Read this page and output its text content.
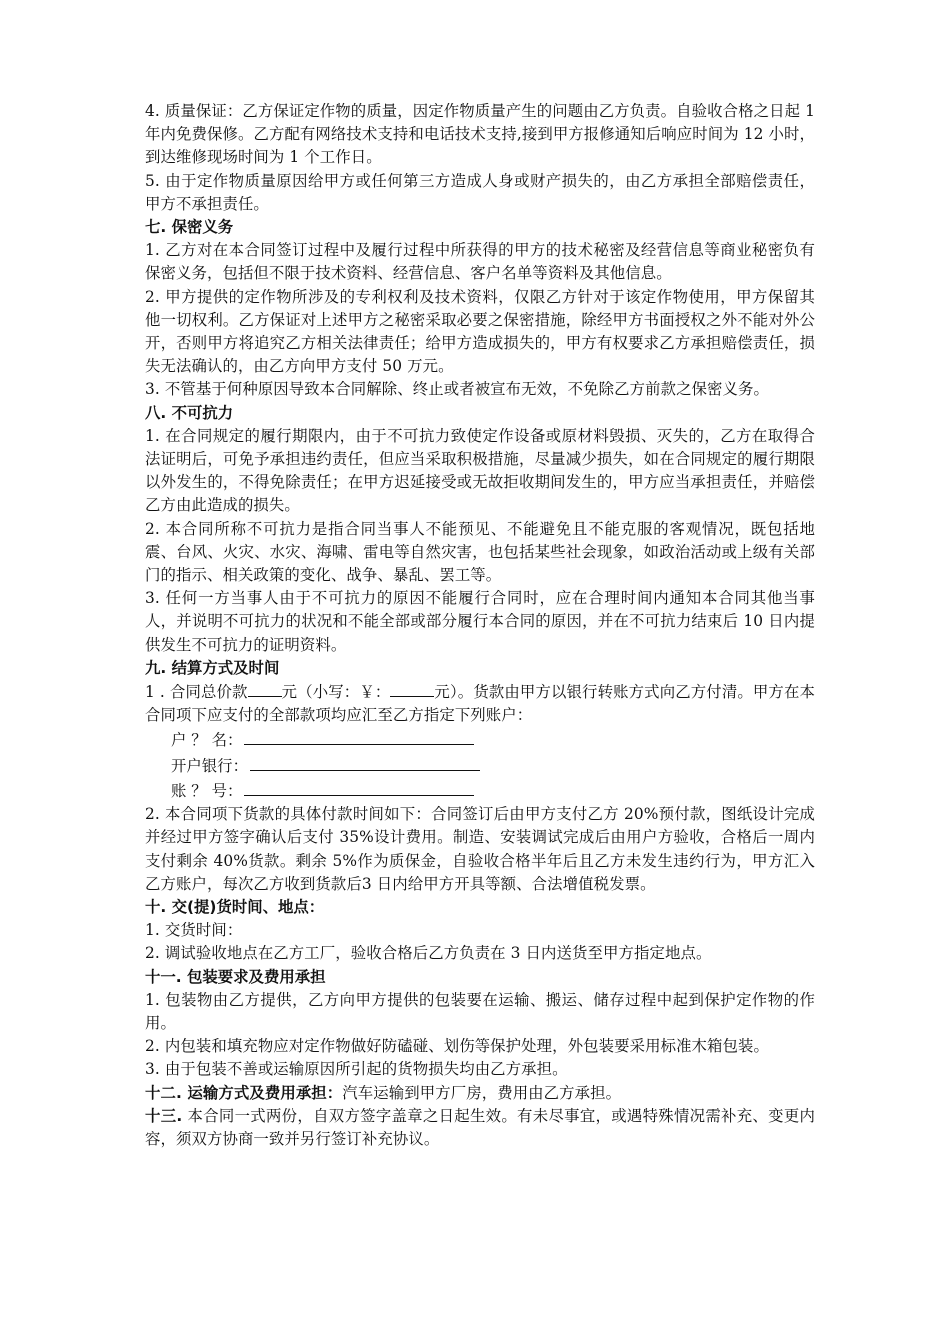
4. 质量保证：乙方保证定作物的质量，因定作物质量产生的问题由乙方负责。自验收合格之日起 1 年内免费保修。乙方配有网络技术支持和电话技术支持,接到甲方报修通知后响应时间为 12 小时，到达维修现场时间为 1 个工作日。

5. 由于定作物质量原因给甲方或任何第三方造成人身或财产损失的，由乙方承担全部赔偿责任，甲方不承担责任。

七. 保密义务

1. 乙方对在本合同签订过程中及履行过程中所获得的甲方的技术秘密及经营信息等商业秘密负有保密义务，包括但不限于技术资料、经营信息、客户名单等资料及其他信息。

2. 甲方提供的定作物所涉及的专利权利及技术资料，仅限乙方针对于该定作物使用，甲方保留其他一切权利。乙方保证对上述甲方之秘密采取必要之保密措施，除经甲方书面授权之外不能对外公开，否则甲方将追究乙方相关法律责任；给甲方造成损失的，甲方有权要求乙方承担赔偿责任，损失无法确认的，由乙方向甲方支付 50 万元。

3. 不管基于何种原因导致本合同解除、终止或者被宣布无效，不免除乙方前款之保密义务。

八. 不可抗力

1. 在合同规定的履行期限内，由于不可抗力致使定作设备或原材料毁损、灭失的，乙方在取得合法证明后，可免予承担违约责任，但应当采取积极措施，尽量减少损失，如在合同规定的履行期限以外发生的，不得免除责任；在甲方迟延接受或无故拒收期间发生的，甲方应当承担责任，并赔偿乙方由此造成的损失。

2. 本合同所称不可抗力是指合同当事人不能预见、不能避免且不能克服的客观情况，既包括地震、台风、火灾、水灾、海啸、雷电等自然灾害，也包括某些社会现象，如政治活动或上级有关部门的指示、相关政策的变化、战争、暴乱、罢工等。

3. 任何一方当事人由于不可抗力的原因不能履行合同时，应在合理时间内通知本合同其他当事人，并说明不可抗力的状况和不能全部或部分履行本合同的原因，并在不可抗力结束后 10 日内提供发生不可抗力的证明资料。

九. 结算方式及时间

1 . 合同总价款 元（小写：￥：	元）。货款由甲方以银行转账方式向乙方付清。甲方在本合同项下应支付的全部款项均应汇至乙方指定下列账户：

户 ？ 名：
开户银行：
账 ？ 号：

2. 本合同项下货款的具体付款时间如下：合同签订后由甲方支付乙方 20%预付款，图纸设计完成并经过甲方签字确认后支付 35%设计费用。制造、安装调试完成后由用户方验收，合格后一周内支付剩余 40%货款。剩余 5%作为质保金，自验收合格半年后且乙方未发生违约行为，甲方汇入乙方账户，每次乙方收到货款后3 日内给甲方开具等额、合法增值税发票。

十. 交(提)货时间、地点：

1. 交货时间：

2. 调试验收地点在乙方工厂，验收合格后乙方负责在 3 日内送货至甲方指定地点。

十一. 包装要求及费用承担

1. 包装物由乙方提供，乙方向甲方提供的包装要在运输、搬运、储存过程中起到保护定作物的作用。

2. 内包装和填充物应对定作物做好防磕碰、划伤等保护处理，外包装要采用标准木箱包装。

3. 由于包装不善或运输原因所引起的货物损失均由乙方承担。

十二. 运输方式及费用承担：汽车运输到甲方厂房，费用由乙方承担。

十三. 本合同一式两份，自双方签字盖章之日起生效。有未尽事宜，或遇特殊情况需补充、变更内容，须双方协商一致并另行签订补充协议。
